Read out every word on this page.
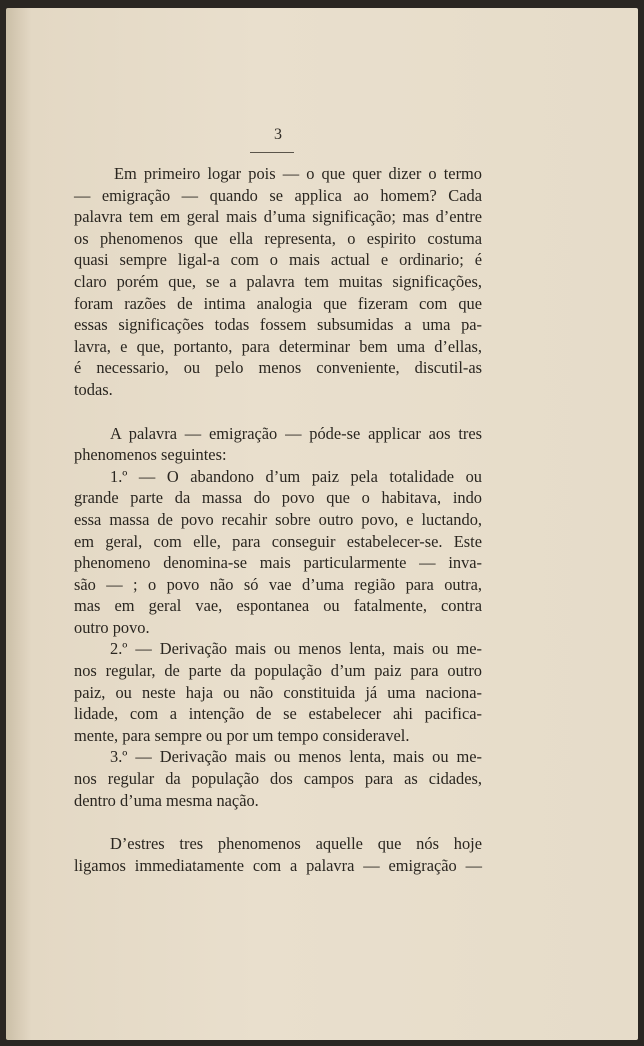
3
Em primeiro logar pois — o que quer dizer o termo
— emigração — quando se applica ao homem? Cada
palavra tem em geral mais d’uma significação; mas d’entre
os phenomenos que ella representa, o espirito costuma
quasi sempre ligal-a com o mais actual e ordinario; é
claro porém que, se a palavra tem muitas significações,
foram razões de intima analogia que fizeram com que
essas significações todas fossem subsumidas a uma pa-
lavra, e que, portanto, para determinar bem uma d’ellas,
é necessario, ou pelo menos conveniente, discutil-as
todas.
A palavra — emigração — póde-se applicar aos tres
phenomenos seguintes:
1.º — O abandono d’um paiz pela totalidade ou
grande parte da massa do povo que o habitava, indo
essa massa de povo recahir sobre outro povo, e luctando,
em geral, com elle, para conseguir estabelecer-se. Este
phenomeno denomina-se mais particularmente — inva-
são — ; o povo não só vae d’uma região para outra,
mas em geral vae, espontanea ou fatalmente, contra
outro povo.
2.º — Derivação mais ou menos lenta, mais ou me-
nos regular, de parte da população d’um paiz para outro
paiz, ou neste haja ou não constituida já uma naciona-
lidade, com a intenção de se estabelecer ahi pacifica-
mente, para sempre ou por um tempo consideravel.
3.º — Derivação mais ou menos lenta, mais ou me-
nos regular da população dos campos para as cidades,
dentro d’uma mesma nação.
D’estres tres phenomenos aquelle que nós hoje
ligamos immediatamente com a palavra — emigração —
